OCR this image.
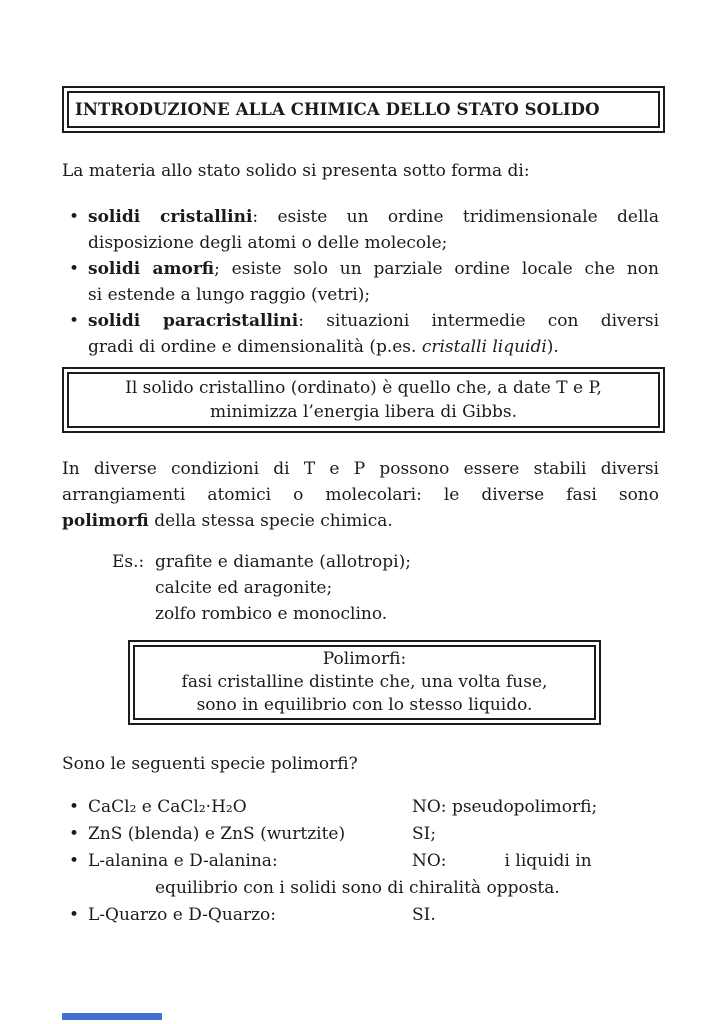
INTRODUZIONE ALLA CHIMICA DELLO STATO SOLIDO
La materia allo stato solido si presenta sotto forma di:
• solidi cristallini: esiste un ordine tridimensionale della
disposizione degli atomi o delle molecole;
• solidi amorfi; esiste solo un parziale ordine locale che non
si estende a lungo raggio (vetri);
• solidi paracristallini: situazioni intermedie con diversi
gradi di ordine e dimensionalità (p.es. cristalli liquidi).
Il solido cristallino (ordinato) è quello che, a date T e P,
minimizza l’energia libera di Gibbs.
In diverse condizioni di T e P possono essere stabili diversi
arrangiamenti atomici o molecolari: le diverse fasi sono
polimorfi della stessa specie chimica.
Es.: grafite e diamante (allotropi);
calcite ed aragonite;
zolfo rombico e monoclino.
Polimorfi:
fasi cristalline distinte che, una volta fuse,
sono in equilibrio con lo stesso liquido.
Sono le seguenti specie polimorfi?
• CaCl₂ e CaCl₂·H₂O	NO: pseudopolimorfi;
• ZnS (blenda) e ZnS (wurtzite)	SI;
• L-alanina e D-alanina:	NO:	i liquidi in
equilibrio con i solidi sono di chiralità opposta.
• L-Quarzo e D-Quarzo:	SI.
